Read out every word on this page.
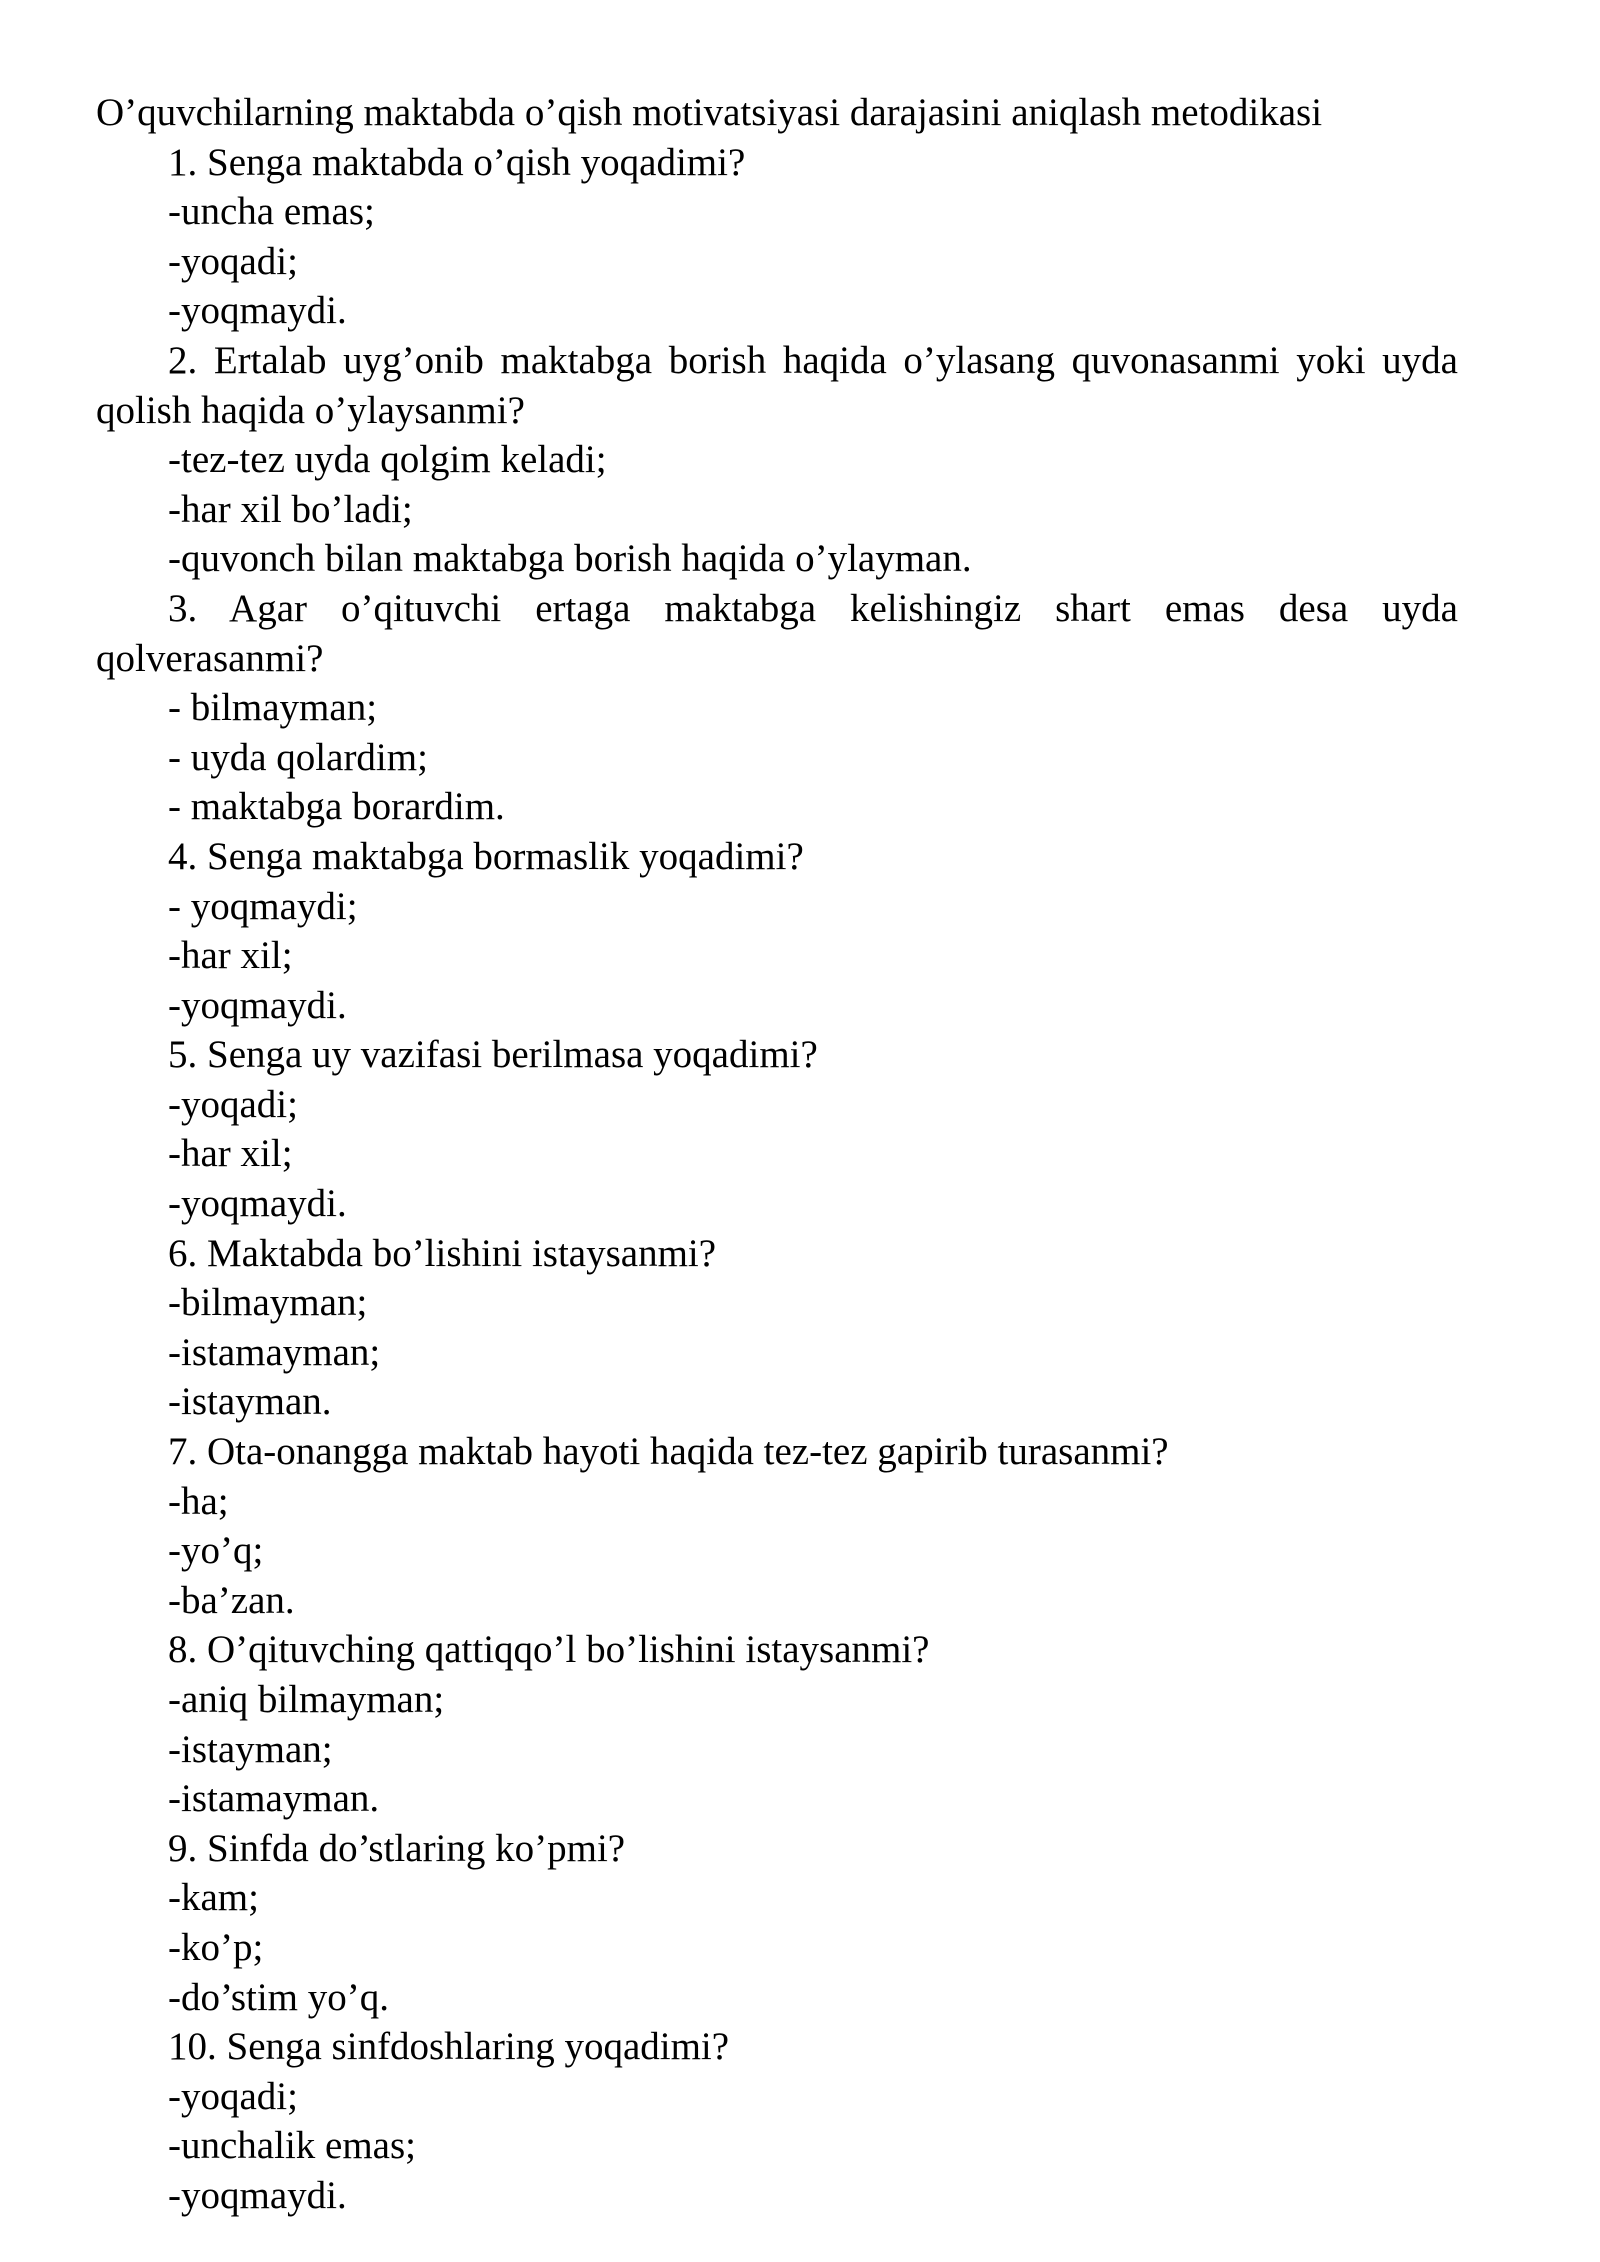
O’quvchilarning maktabda o’qish motivatsiyasi darajasini aniqlash metodikasi
1. Senga maktabda o’qish yoqadimi?
-uncha emas;
-yoqadi;
-yoqmaydi.
2. Ertalab uyg’onib maktabga borish haqida o’ylasang quvonasanmi yoki uyda qolish haqida o’ylaysanmi?
-tez-tez uyda qolgim keladi;
-har xil bo’ladi;
-quvonch bilan maktabga borish haqida o’ylayman.
3. Agar o’qituvchi ertaga maktabga kelishingiz shart emas desa uyda qolverasanmi?
- bilmayman;
- uyda qolardim;
- maktabga borardim.
4. Senga maktabga bormaslik yoqadimi?
- yoqmaydi;
-har xil;
-yoqmaydi.
5. Senga uy vazifasi berilmasa yoqadimi?
-yoqadi;
-har xil;
-yoqmaydi.
6. Maktabda bo’lishini istaysanmi?
-bilmayman;
-istamayman;
-istayman.
7. Ota-onangga maktab hayoti haqida tez-tez gapirib turasanmi?
-ha;
-yo’q;
-ba’zan.
8. O’qituvching qattiqqo’l bo’lishini istaysanmi?
-aniq bilmayman;
-istayman;
-istamayman.
9. Sinfda do’stlaring ko’pmi?
-kam;
-ko’p;
-do’stim yo’q.
10. Senga sinfdoshlaring yoqadimi?
-yoqadi;
-unchalik emas;
-yoqmaydi.
